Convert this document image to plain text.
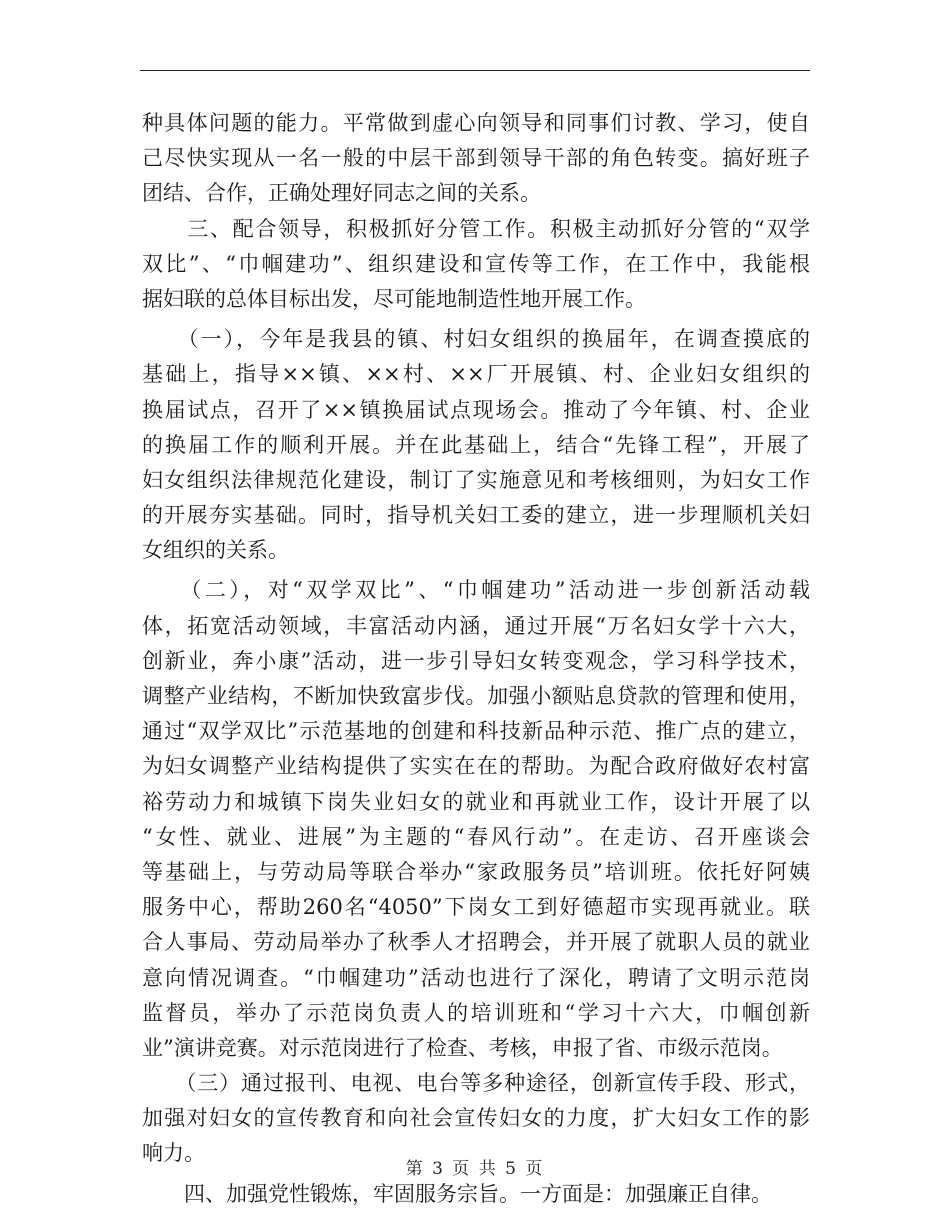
种具体问题的能力。平常做到虚心向领导和同事们讨教、学习，使自
己尽快实现从一名一般的中层干部到领导干部的角色转变。搞好班子
团结、合作，正确处理好同志之间的关系。
　　三、配合领导，积极抓好分管工作。积极主动抓好分管的“双学
双比”、“巾帼建功”、组织建设和宣传等工作，在工作中，我能根
据妇联的总体目标出发，尽可能地制造性地开展工作。
　　（一），今年是我县的镇、村妇女组织的换届年，在调查摸底的
基础上，指导××镇、××村、××厂开展镇、村、企业妇女组织的
换届试点，召开了××镇换届试点现场会。推动了今年镇、村、企业
的换届工作的顺利开展。并在此基础上，结合“先锋工程”，开展了
妇女组织法律规范化建设，制订了实施意见和考核细则，为妇女工作
的开展夯实基础。同时，指导机关妇工委的建立，进一步理顺机关妇
女组织的关系。
　　（二），对“双学双比”、“巾帼建功”活动进一步创新活动载
体，拓宽活动领域，丰富活动内涵，通过开展“万名妇女学十六大，
创新业，奔小康”活动，进一步引导妇女转变观念，学习科学技术，
调整产业结构，不断加快致富步伐。加强小额贴息贷款的管理和使用，
通过“双学双比”示范基地的创建和科技新品种示范、推广点的建立，
为妇女调整产业结构提供了实实在在的帮助。为配合政府做好农村富
裕劳动力和城镇下岗失业妇女的就业和再就业工作，设计开展了以
“女性、就业、进展”为主题的“春风行动”。在走访、召开座谈会
等基础上，与劳动局等联合举办“家政服务员”培训班。依托好阿姨
服务中心，帮助260名“4050”下岗女工到好德超市实现再就业。联
合人事局、劳动局举办了秋季人才招聘会，并开展了就职人员的就业
意向情况调查。“巾帼建功”活动也进行了深化，聘请了文明示范岗
监督员，举办了示范岗负责人的培训班和“学习十六大，巾帼创新
业”演讲竞赛。对示范岗进行了检查、考核，申报了省、市级示范岗。
　　（三）通过报刊、电视、电台等多种途径，创新宣传手段、形式，
加强对妇女的宣传教育和向社会宣传妇女的力度，扩大妇女工作的影
响力。
　　四、加强党性锻炼，牢固服务宗旨。一方面是：加强廉正自律。
第 3 页 共 5 页
